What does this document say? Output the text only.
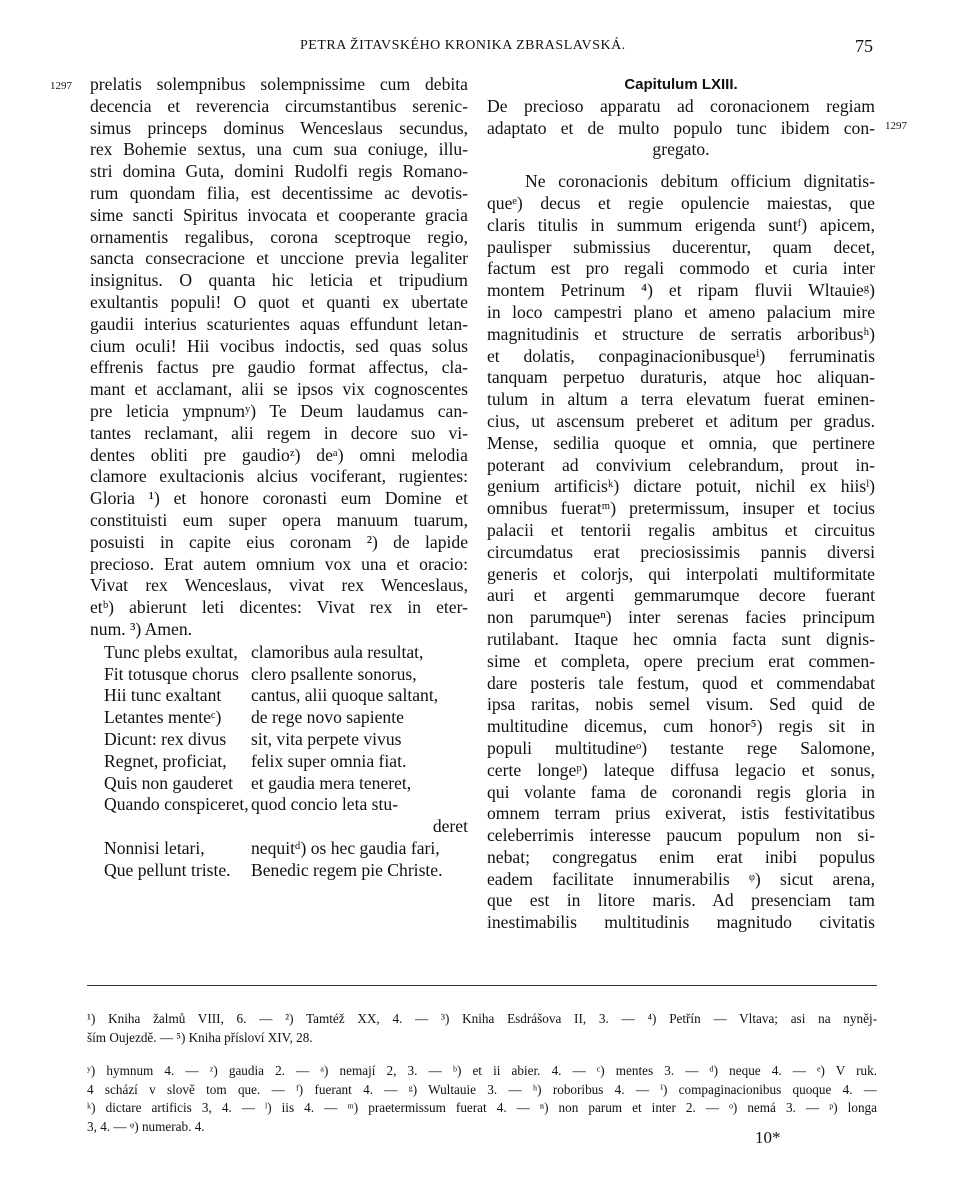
PETRA ŽITAVSKÉHO KRONIKA ZBRASLAVSKÁ.	75
1297
1297
prelatis solempnibus solempnissime cum debita
decencia et reverencia circumstantibus sereniс-
simus princeps dominus Wenceslaus secundus,
rex Bohemie sextus, una cum sua coniuge, illu-
stri domina Guta, domini Rudolfi regis Romano-
rum quondam filia, est decentissime ac devotis-
sime sancti Spiritus invocata et cooperante gracia
ornamentis regalibus, corona sceptroque regio,
sancta consecracione et unccione previa legaliter
insignitus. O quanta hic leticia et tripudium
exultantis populi! O quot et quanti ex ubertate
gaudii interius scaturientes aquas effundunt letan-
cium oculi! Hii vocibus indoctis, sed quas solus
effrenis factus pre gaudio format affectus, cla-
mant et acclamant, alii se ipsos vix cognoscentes
pre leticia ympnumʸ) Te Deum laudamus can-
tantes reclamant, alii regem in decore suo vi-
dentes obliti pre gaudioᶻ) deᵃ) omni melodia
clamore exultacionis alcius vociferant, rugientes:
Gloria ¹) et honore coronasti eum Domine et
constituisti eum super opera manuum tuarum,
posuisti in capite eius coronam ²) de lapide
precioso. Erat autem omnium vox una et oracio:
Vivat rex Wenceslaus, vivat rex Wenceslaus,
etᵇ) abierunt leti dicentes: Vivat rex in eter-
num. ³) Amen.
Tunc plebs exultat, clamoribus aula resultat,
Fit totusque chorus clero psallente sonorus,
Hii tunc exaltant cantus, alii quoque saltant,
Letantes menteᶜ) de rege novo sapiente
Dicunt: rex divus sit, vita perpete vivus
Regnet, proficiat, felix super omnia fiat.
Quis non gauderet et gaudia mera teneret,
Quando conspiceret, quod concio leta stu-
deret
Nonnisi letari,	nequitᵈ) os hec gaudia fari,
Que pellunt triste. Benedic regem pie Christe.
Capitulum LXIII.
De precioso apparatu ad coronacionem regiam
adaptato et de multo populo tunc ibidem con-
gregato.
Ne coronacionis debitum officium dignitatis-
queᵉ) decus et regie opulencie maiestas, que
claris titulis in summum erigenda suntᶠ) apicem,
paulisper submissius ducerentur, quam decet,
factum est pro regali commodo et curia inter
montem Petrinum ⁴) et ripam fluvii Wltauieᵍ)
in loco campestri plano et ameno palacium mire
magnitudinis et structure de serratis arboribusʰ)
et dolatis, conpaginacionibusqueⁱ) ferruminatis
tanquam perpetuo duraturis, atque hoc aliquan-
tulum in altum a terra elevatum fuerat eminen-
cius, ut ascensum preberet et aditum per gradus.
Mense, sedilia quoque et omnia, que pertinere
poterant ad convivium celebrandum, prout in-
genium artificisᵏ) dictare potuit, nichil ex hiisˡ)
omnibus fueratᵐ) pretermissum, insuper et tocius
palacii et tentorii regalis ambitus et circuitus
circumdatus erat preciosissimis pannis diversi
generis et colorjs, qui interpolati multiformitate
auri et argenti gemmarumque decore fuerant
non parumqueⁿ) inter serenas facies principum
rutilabant. Itaque hec omnia facta sunt dignis-
sime et completa, opere precium erat commen-
dare posteris tale festum, quod et commendabat
ipsa raritas, nobis semel visum. Sed quid de
multitudine dicemus, cum honor⁵) regis sit in
populi multitudineᵒ) testante rege Salomone,
certe longeᵖ) lateque diffusa legacio et sonus,
qui volante fama de coronandi regis gloria in
omnem terram prius exiverat, istis festivitatibus
celeberrimis interesse paucum populum non si-
nebat; congregatus enim erat inibi populus
eadem facilitate innumerabilis ᵠ) sicut arena,
que est in litore maris. Ad presenciam tam
inestimabilis multitudinis magnitudo civitatis
¹) Kniha žalmů VIII, 6. — ²) Tamtéž XX, 4. — ³) Kniha Esdrášova II, 3. — ⁴) Petřín — Vltava; asi na nyněj-
ším Oujezdě. — ⁵) Kniha přísloví XIV, 28.
ʸ) hymnum 4. — ᶻ) gaudia 2. — ᵃ) nemají 2, 3. — ᵇ) et ii abier. 4. — ᶜ) mentes 3. — ᵈ) neque 4. — ᵉ) V ruk.
4 schází v slově tom que. — ᶠ) fuerant 4. — ᵍ) Wultauie 3. — ʰ) roboribus 4. — ⁱ) compaginacionibus quoque 4. —
ᵏ) dictare artificis 3, 4. — ˡ) iis 4. — ᵐ) praetermissum fuerat 4. — ⁿ) non parum et inter 2. — ᵒ) nemá 3. — ᵖ) longa
3, 4. — ᵠ) numerab. 4.
10*
